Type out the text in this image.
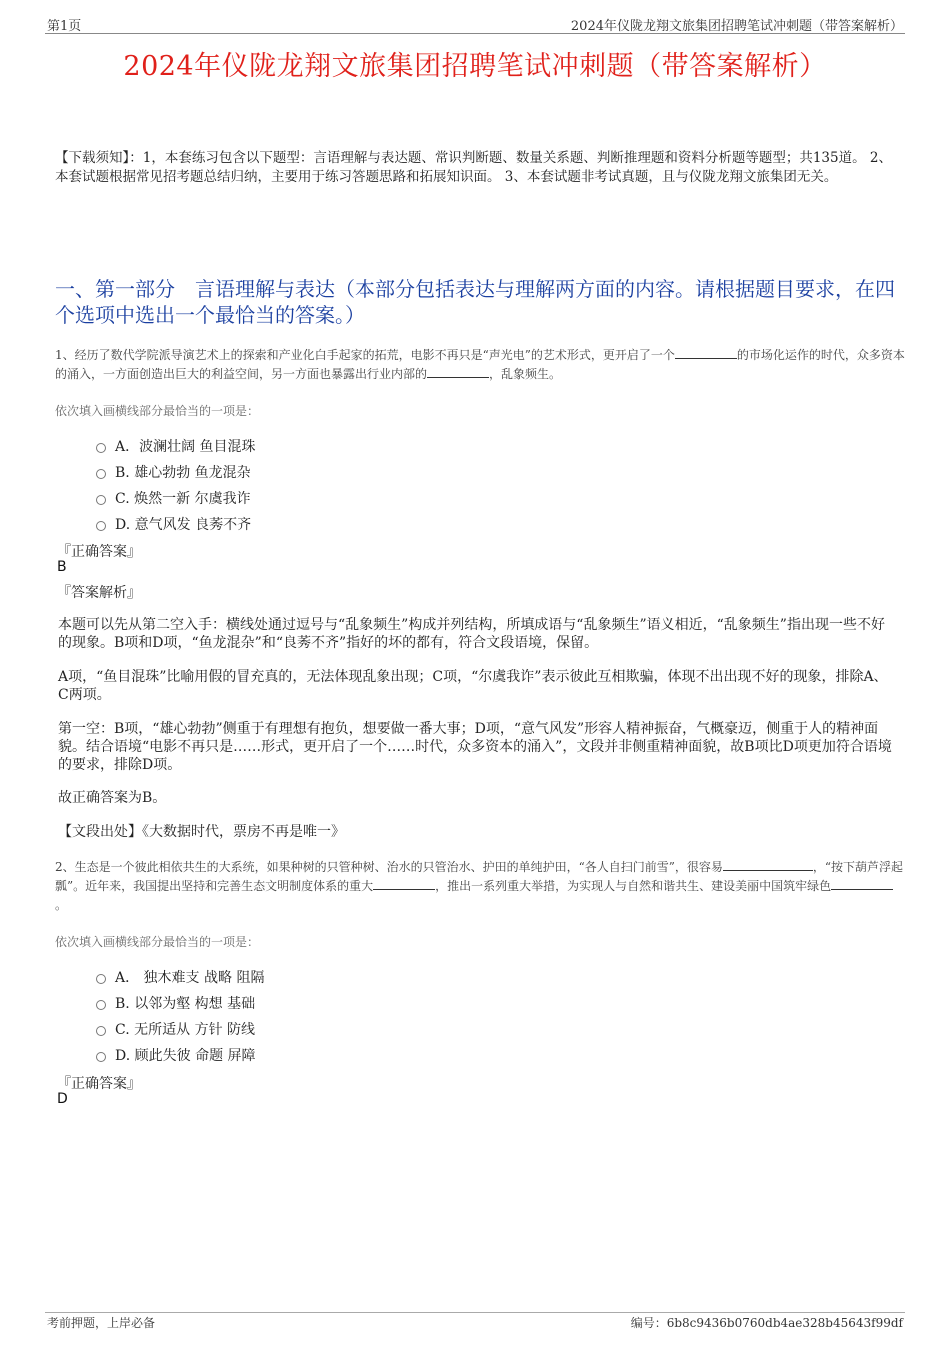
第1页	2024年仪陇龙翔文旅集团招聘笔试冲刺题（带答案解析）
2024年仪陇龙翔文旅集团招聘笔试冲刺题（带答案解析）
【下载须知】：1，本套练习包含以下题型：言语理解与表达题、常识判断题、数量关系题、判断推理题和资料分析题等题型；共135道。 2、本套试题根据常见招考题总结归纳，主要用于练习答题思路和拓展知识面。 3、本套试题非考试真题，且与仪陇龙翔文旅集团无关。
一、第一部分　言语理解与表达（本部分包括表达与理解两方面的内容。请根据题目要求，在四个选项中选出一个最恰当的答案。）
1、经历了数代学院派导演艺术上的探索和产业化白手起家的拓荒，电影不再只是“声光电”的艺术形式，更开启了一个	的市场化运作的时代，众多资本的涌入，一方面创造出巨大的利益空间，另一方面也暴露出行业内部的	，乱象频生。
依次填入画横线部分最恰当的一项是：
A．波澜壮阔 鱼目混珠
B. 雄心勃勃 鱼龙混杂
C. 焕然一新 尔虞我诈
D. 意气风发 良莠不齐
『正确答案』
B
『答案解析』
本题可以先从第二空入手：横线处通过逗号与“乱象频生”构成并列结构，所填成语与“乱象频生”语义相近，“乱象频生”指出现一些不好的现象。B项和D项，“鱼龙混杂”和“良莠不齐”指好的坏的都有，符合文段语境，保留。
A项，“鱼目混珠”比喻用假的冒充真的，无法体现乱象出现；C项，“尔虞我诈”表示彼此互相欺骗，体现不出出现不好的现象，排除A、C两项。
第一空：B项，“雄心勃勃”侧重于有理想有抱负，想要做一番大事；D项，“意气风发”形容人精神振奋，气概豪迈，侧重于人的精神面貌。结合语境“电影不再只是……形式，更开启了一个……时代，众多资本的涌入”，文段并非侧重精神面貌，故B项比D项更加符合语境的要求，排除D项。
故正确答案为B。
【文段出处】《大数据时代，票房不再是唯一》
2、生态是一个彼此相依共生的大系统，如果种树的只管种树、治水的只管治水、护田的单纯护田，“各人自扫门前雪”，很容易	，“按下葫芦浮起瓢”。近年来，我国提出坚持和完善生态文明制度体系的重大	，推出一系列重大举措，为实现人与自然和谐共生、建设美丽中国筑牢绿色。
依次填入画横线部分最恰当的一项是：
A． 独木难支 战略 阻隔
B. 以邻为壑 构想 基础
C. 无所适从 方针 防线
D. 顾此失彼 命题 屏障
『正确答案』
D
考前押题，上岸必备	编号：6b8c9436b0760db4ae328b45643f99df
